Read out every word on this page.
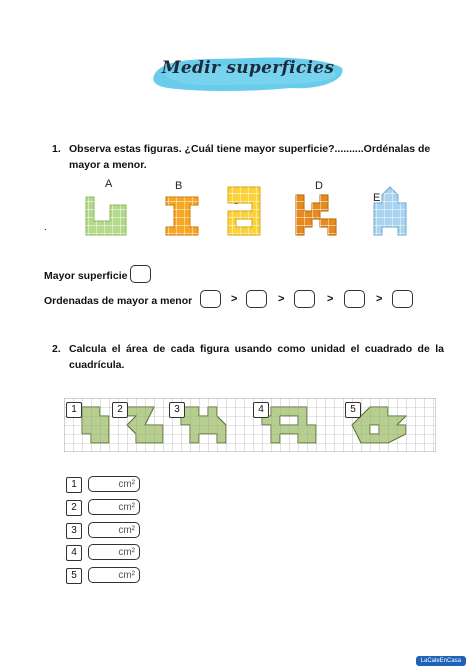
Medir superficies
1. Observa estas figuras. ¿Cuál tiene mayor superficie?..........Ordénalas de mayor a menor.
A	B	D
E
.
Mayor superficie
Ordenadas de mayor a menor	>	>	>	>
2. Calcula el área de cada figura usando como unidad el cuadrado de la cuadrícula.
1	2	3	4	5
1	cm²
2	cm²
3	cm²
4	cm²
5	cm²
LaCaleEnCasa
